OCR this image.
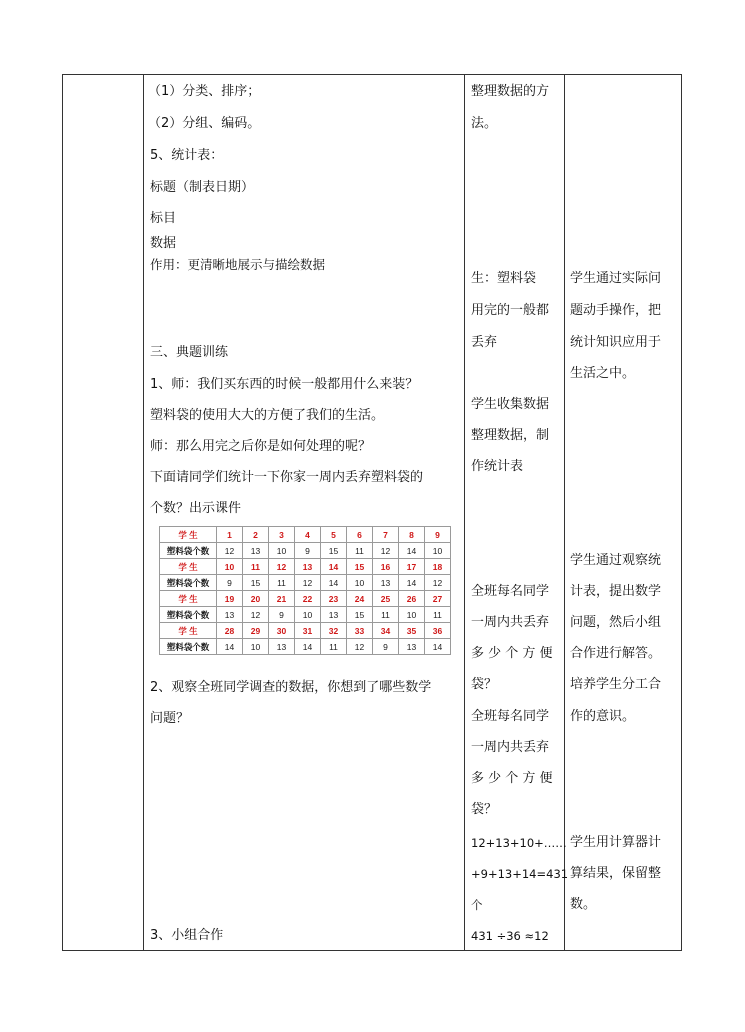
（1）分类、排序；
（2）分组、编码。
5、统计表：
标题（制表日期）
标目
数据
作用：更清晰地展示与描绘数据
三、典题训练
1、师：我们买东西的时候一般都用什么来装？
塑料袋的使用大大的方便了我们的生活。
师：那么用完之后你是如何处理的呢？
下面请同学们统计一下你家一周内丢弃塑料袋的
个数？出示课件
2、观察全班同学调查的数据，你想到了哪些数学
问题？
3、小组合作
学 生	1	2	3	4	5	6	7	8	9
塑料袋个数	12	13	10	9	15	11	12	14	10
学 生	10	11	12	13	14	15	16	17	18
塑料袋个数	9	15	11	12	14	10	13	14	12
学 生	19	20	21	22	23	24	25	26	27
塑料袋个数	13	12	9	10	13	15	11	10	11
学 生	28	29	30	31	32	33	34	35	36
塑料袋个数	14	10	13	14	11	12	9	13	14
整理数据的方
法。
生：塑料袋
用完的一般都
丢弃
学生收集数据
整理数据，制
作统计表
全班每名同学
一周内共丢弃
多 少 个 方 便
袋？
全班每名同学
一周内共丢弃
多 少 个 方 便
袋？
12+13+10+……
+9+13+14=431
个
431 ÷36 ≈12
学生通过实际问
题动手操作，把
统计知识应用于
生活之中。
学生通过观察统
计表，提出数学
问题，然后小组
合作进行解答。
培养学生分工合
作的意识。
学生用计算器计
算结果，保留整
数。
